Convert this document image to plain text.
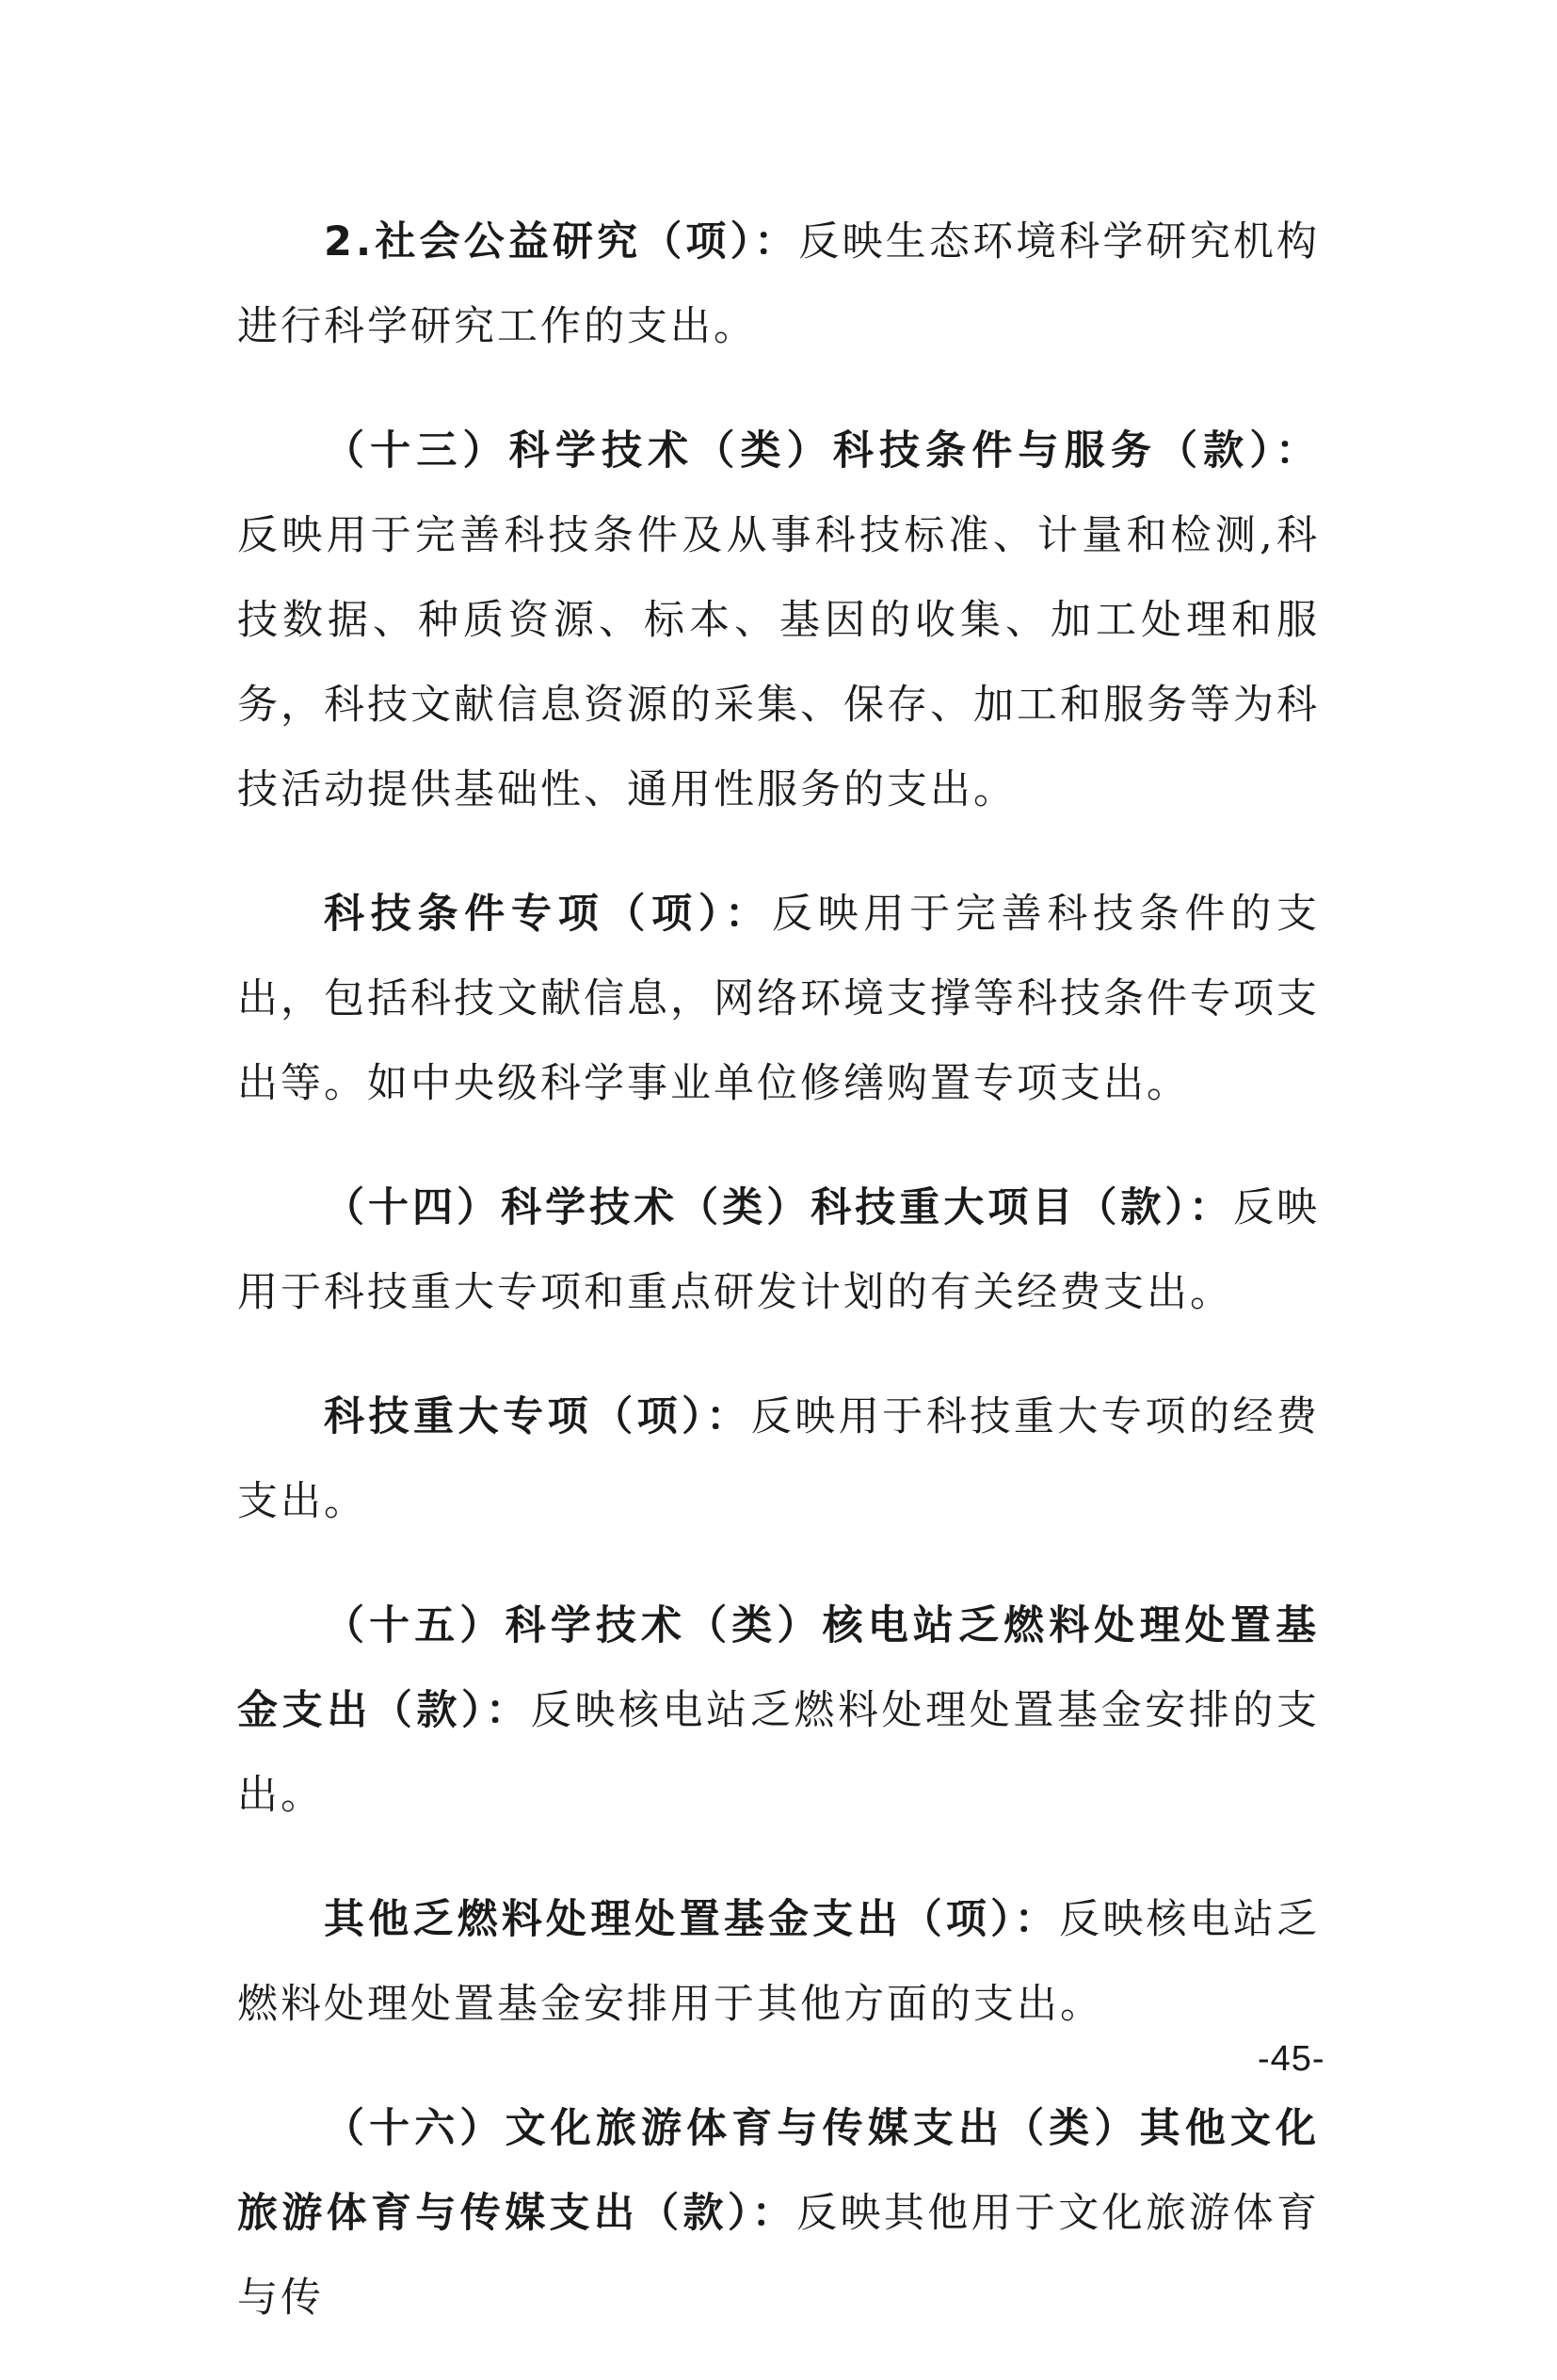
2.社会公益研究（项）：反映生态环境科学研究机构进行科学研究工作的支出。

（十三）科学技术（类）科技条件与服务（款）：反映用于完善科技条件及从事科技标准、计量和检测,科技数据、种质资源、标本、基因的收集、加工处理和服务，科技文献信息资源的采集、保存、加工和服务等为科技活动提供基础性、通用性服务的支出。

科技条件专项（项）：反映用于完善科技条件的支出，包括科技文献信息，网络环境支撑等科技条件专项支出等。如中央级科学事业单位修缮购置专项支出。

（十四）科学技术（类）科技重大项目（款）：反映用于科技重大专项和重点研发计划的有关经费支出。

科技重大专项（项）：反映用于科技重大专项的经费支出。

（十五）科学技术（类）核电站乏燃料处理处置基金支出（款）：反映核电站乏燃料处理处置基金安排的支出。

其他乏燃料处理处置基金支出（项）：反映核电站乏燃料处理处置基金安排用于其他方面的支出。

（十六）文化旅游体育与传媒支出（类）其他文化旅游体育与传媒支出（款）：反映其他用于文化旅游体育与传

-45-
